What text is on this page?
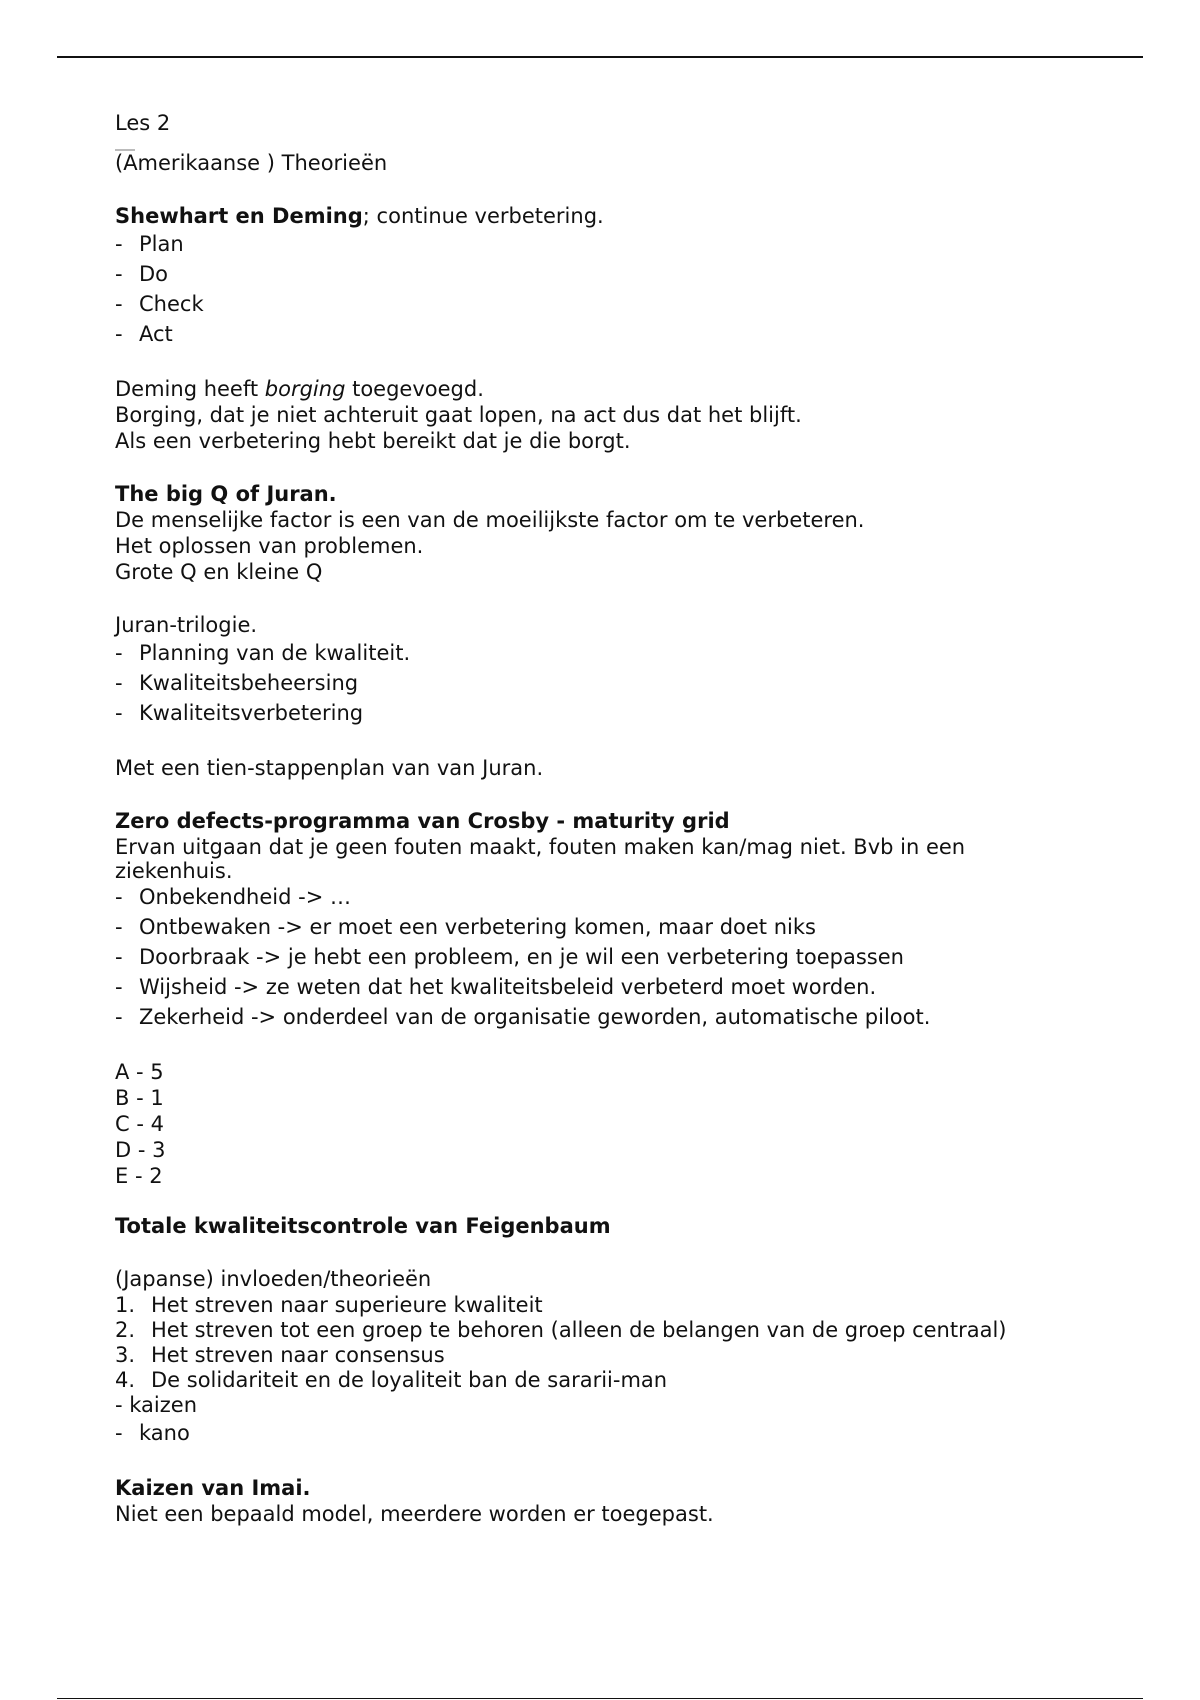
Les 2

(Amerikaanse ) Theorieën

Shewhart en Deming; continue verbetering.

- Plan
- Do
- Check
- Act

Deming heeft borging toegevoegd.

Borging, dat je niet achteruit gaat lopen, na act dus dat het blijft.

Als een verbetering hebt bereikt dat je die borgt.

The big Q of Juran.

De menselijke factor is een van de moeilijkste factor om te verbeteren.

Het oplossen van problemen.

Grote Q en kleine Q

Juran-trilogie.

- Planning van de kwaliteit.
- Kwaliteitsbeheersing
- Kwaliteitsverbetering

Met een tien-stappenplan van van Juran.

Zero defects-programma van Crosby - maturity grid

Ervan uitgaan dat je geen fouten maakt, fouten maken kan/mag niet. Bvb in een

ziekenhuis.

- Onbekendheid -> …
- Ontbewaken -> er moet een verbetering komen, maar doet niks
- Doorbraak -> je hebt een probleem, en je wil een verbetering toepassen
- Wijsheid -> ze weten dat het kwaliteitsbeleid verbeterd moet worden.
- Zekerheid -> onderdeel van de organisatie geworden, automatische piloot.

A - 5

B - 1

C - 4

D - 3

E - 2

Totale kwaliteitscontrole van Feigenbaum

(Japanse) invloeden/theorieën

1. Het streven naar superieure kwaliteit
2. Het streven tot een groep te behoren (alleen de belangen van de groep centraal)
3. Het streven naar consensus
4. De solidariteit en de loyaliteit ban de sararii-man

- kaizen

- kano

Kaizen van Imai.

Niet een bepaald model, meerdere worden er toegepast.
